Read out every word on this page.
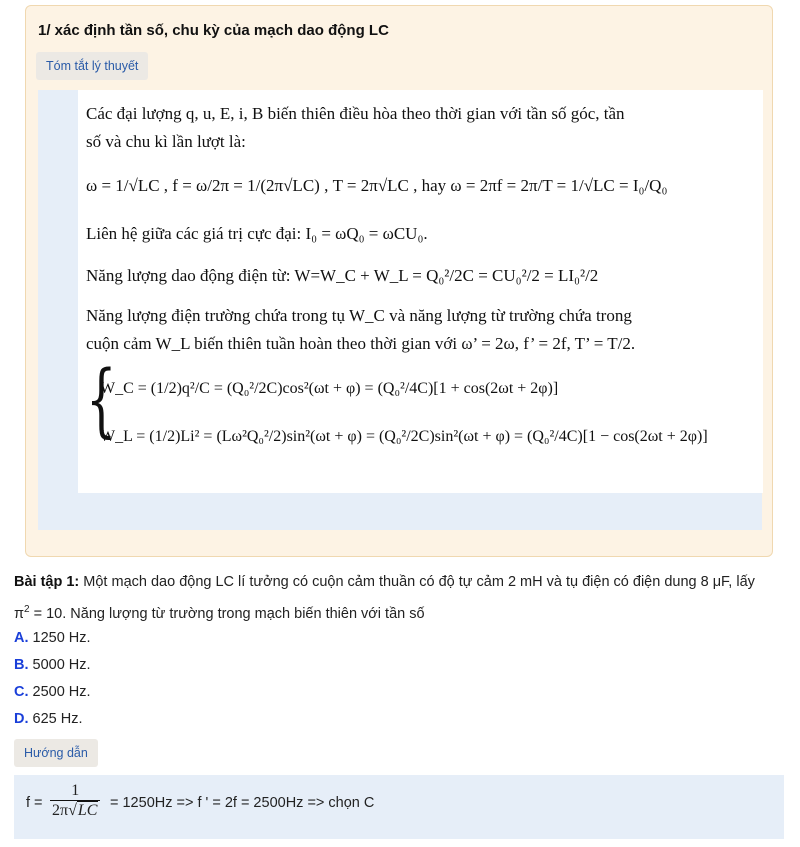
1/ xác định tần số, chu kỳ của mạch dao động LC
Tóm tắt lý thuyết
Các đại lượng q, u, E, i, B biến thiên điều hòa theo thời gian với tần số góc, tần
số và chu kì lần lượt là:
ω = 1/√LC , f = ω/2π = 1/(2π√LC) , T = 2π√LC , hay ω = 2πf = 2π/T = 1/√LC = I₀/Q₀
Liên hệ giữa các giá trị cực đại: I₀ = ωQ₀ = ωCU₀.
Năng lượng dao động điện từ: W=W_C + W_L = Q₀²/2C = CU₀²/2 = LI₀²/2
Năng lượng điện trường chứa trong tụ W_C và năng lượng từ trường chứa trong
cuộn cảm W_L biến thiên tuần hoàn theo thời gian với ω’ = 2ω, f’ = 2f, T’ = T/2.
{
W_C = (1/2)q²/C = (Q₀²/2C)cos²(ωt + φ) = (Q₀²/4C)[1 + cos(2ωt + 2φ)]
W_L = (1/2)Li² = (Lω²Q₀²/2)sin²(ωt + φ) = (Q₀²/2C)sin²(ωt + φ) = (Q₀²/4C)[1 − cos(2ωt + 2φ)]
Bài tập 1: Một mạch dao động LC lí tưởng có cuộn cảm thuần có độ tự cảm 2 mH và tụ điện có điện dung 8 μF, lấy
$\pi^2 = 10$. Năng lượng từ trường trong mạch biến thiên với tần số
A. 1250 Hz.
B. 5000 Hz.
C. 2500 Hz.
D. 625 Hz.
Hướng dẫn
$f = \frac{1}{2\pi√LC} = 1250Hz => f$ ' = 2f = 2500Hz => chọn C
